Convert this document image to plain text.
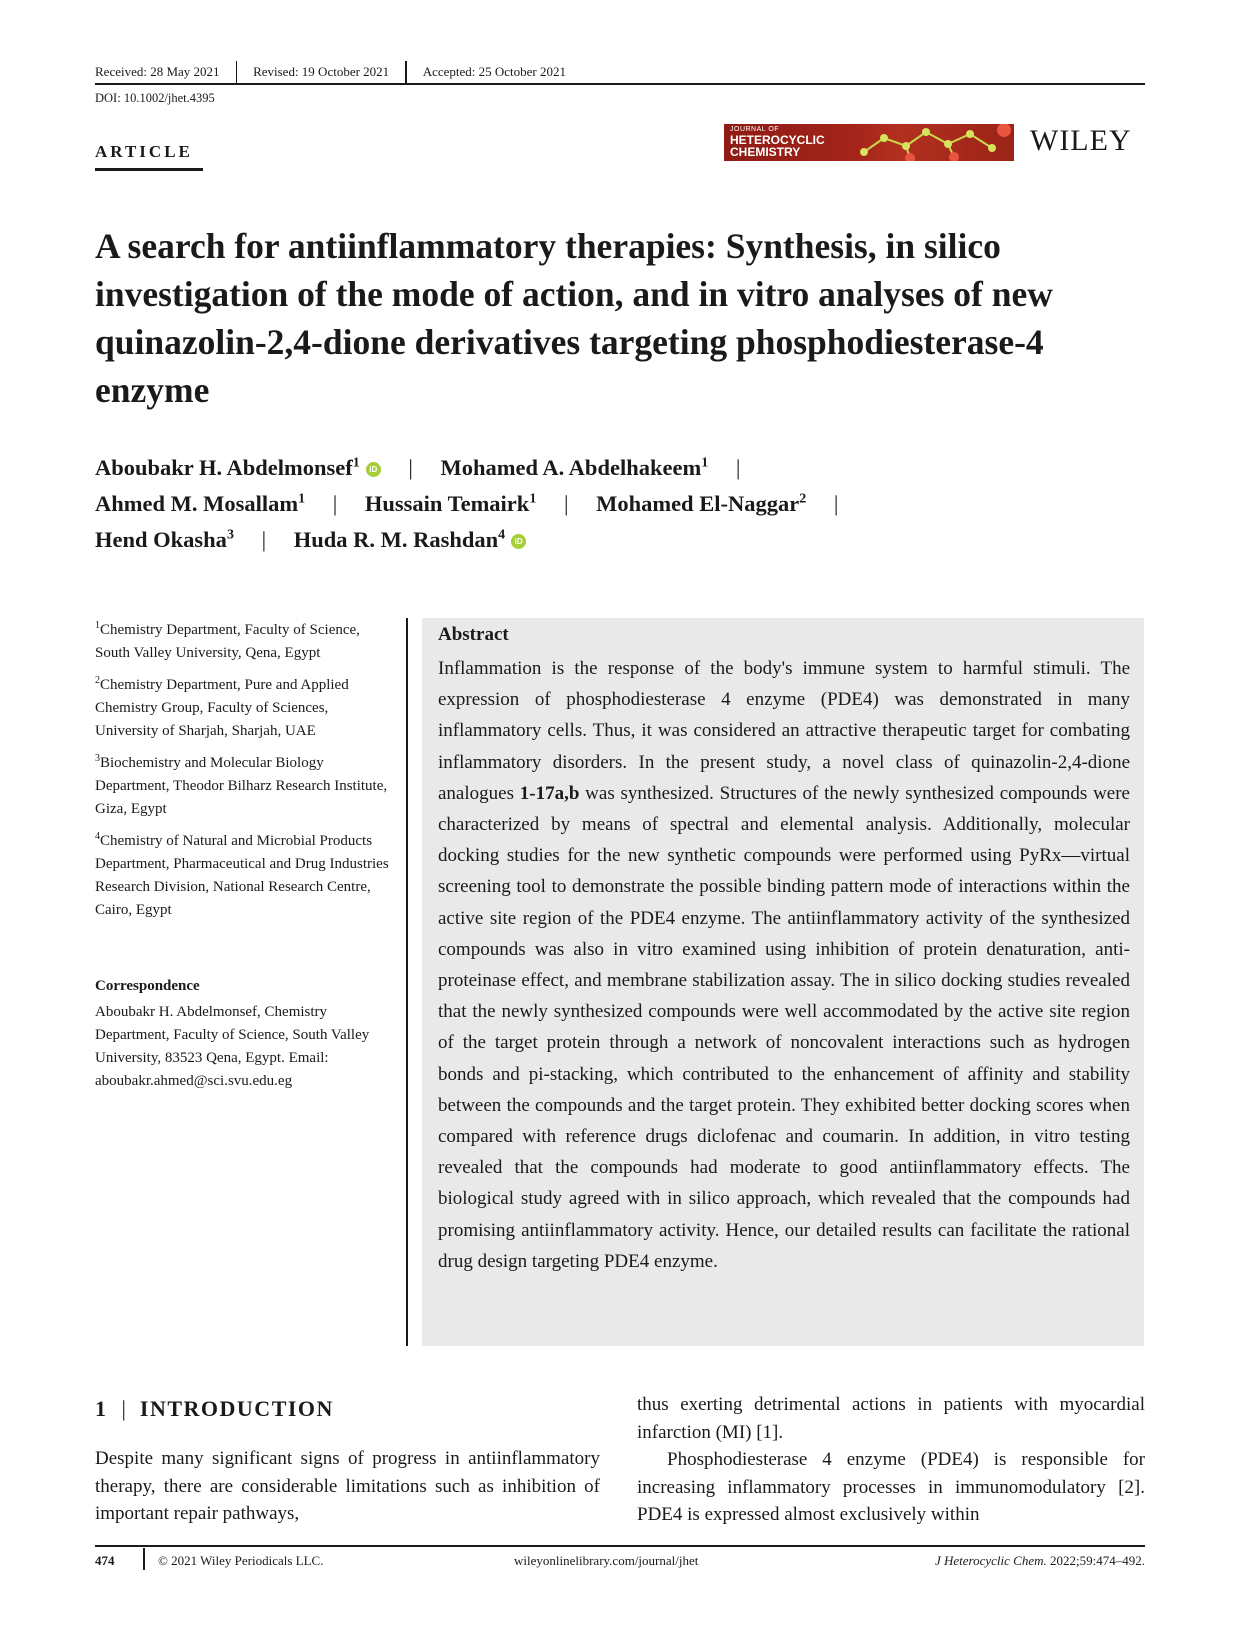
Received: 28 May 2021	Revised: 19 October 2021	Accepted: 25 October 2021
DOI: 10.1002/jhet.4395
ARTICLE
JOURNAL OF
HETEROCYCLIC
CHEMISTRY	WILEY
A search for antiinflammatory therapies: Synthesis, in silico investigation of the mode of action, and in vitro analyses of new quinazolin-2,4-dione derivatives targeting phosphodiesterase-4 enzyme
Aboubakr H. Abdelmonsef$^1$ iD | Mohamed A. Abdelhakeem$^1$ |
Ahmed M. Mosallam$^1$ | Hussain Temairk$^1$ | Mohamed El-Naggar$^2$ |
Hend Okasha$^3$ | Huda R. M. Rashdan$^4$ iD
$^1$Chemistry Department, Faculty of Science, South Valley University, Qena, Egypt
$^2$Chemistry Department, Pure and Applied Chemistry Group, Faculty of Sciences, University of Sharjah, Sharjah, UAE
$^3$Biochemistry and Molecular Biology Department, Theodor Bilharz Research Institute, Giza, Egypt
$^4$Chemistry of Natural and Microbial Products Department, Pharmaceutical and Drug Industries Research Division, National Research Centre, Cairo, Egypt
Correspondence
Aboubakr H. Abdelmonsef, Chemistry Department, Faculty of Science, South Valley University, 83523 Qena, Egypt. Email: aboubakr.ahmed@sci.svu.edu.eg
Abstract

Inflammation is the response of the body's immune system to harmful stimuli. The expression of phosphodiesterase 4 enzyme (PDE4) was demonstrated in many inflammatory cells. Thus, it was considered an attractive therapeutic target for combating inflammatory disorders. In the present study, a novel class of quinazolin-2,4-dione analogues 1-17a,b was synthesized. Structures of the newly synthesized compounds were characterized by means of spectral and elemental analysis. Additionally, molecular docking studies for the new synthetic compounds were performed using PyRx—virtual screening tool to demonstrate the possible binding pattern mode of interactions within the active site region of the PDE4 enzyme. The antiinflammatory activity of the synthesized compounds was also in vitro examined using inhibition of protein denaturation, anti-proteinase effect, and membrane stabilization assay. The in silico docking studies revealed that the newly synthesized compounds were well accommodated by the active site region of the target protein through a network of noncovalent interactions such as hydrogen bonds and pi-stacking, which contributed to the enhancement of affinity and stability between the compounds and the target protein. They exhibited better docking scores when compared with reference drugs diclofenac and coumarin. In addition, in vitro testing revealed that the compounds had moderate to good antiinflammatory effects. The biological study agreed with in silico approach, which revealed that the compounds had promising antiinflammatory activity. Hence, our detailed results can facilitate the rational drug design targeting PDE4 enzyme.

1 | INTRODUCTION

Despite many significant signs of progress in antiinflammatory therapy, there are considerable limitations such as inhibition of important repair pathways,

thus exerting detrimental actions in patients with myocardial infarction (MI) [1].

Phosphodiesterase 4 enzyme (PDE4) is responsible for increasing inflammatory processes in immunomodulatory [2]. PDE4 is expressed almost exclusively within

474	© 2021 Wiley Periodicals LLC.	wileyonlinelibrary.com/journal/jhet	J Heterocyclic Chem. 2022;59:474–492.
